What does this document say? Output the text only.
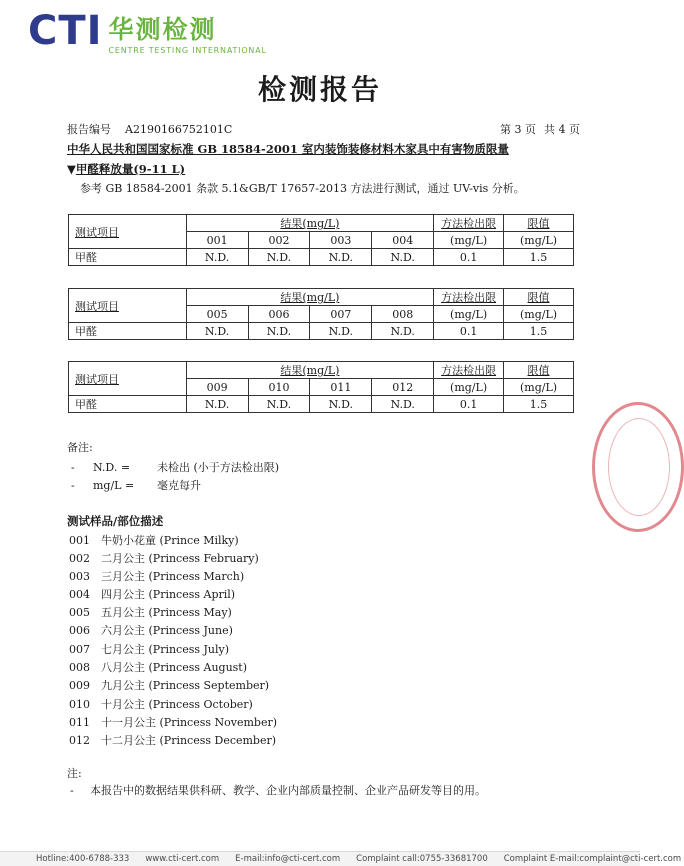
CTI 华测检测
CENTRE TESTING INTERNATIONAL
检测报告
报告编号 A2190166752101C	第 3 页 共 4 页
中华人民共和国国家标准 GB 18584-2001 室内装饰装修材料木家具中有害物质限量
▼甲醛释放量(9-11 L)
参考 GB 18584-2001 条款 5.1&GB/T 17657-2013 方法进行测试，通过 UV-vis 分析。
测试项目	结果(mg/L)				方法检出限	限值
	001	002	003	004	(mg/L)	(mg/L)
甲醛	N.D.	N.D.	N.D.	N.D.	0.1	1.5
测试项目	结果(mg/L)				方法检出限	限值
	005	006	007	008	(mg/L)	(mg/L)
甲醛	N.D.	N.D.	N.D.	N.D.	0.1	1.5
测试项目	结果(mg/L)				方法检出限	限值
	009	010	011	012	(mg/L)	(mg/L)
甲醛	N.D.	N.D.	N.D.	N.D.	0.1	1.5
备注:
- N.D. = 未检出 (小于方法检出限)
- mg/L = 毫克每升
测试样品/部位描述
001 牛奶小花童 (Prince Milky)
002 二月公主 (Princess February)
003 三月公主 (Princess March)
004 四月公主 (Princess April)
005 五月公主 (Princess May)
006 六月公主 (Princess June)
007 七月公主 (Princess July)
008 八月公主 (Princess August)
009 九月公主 (Princess September)
010 十月公主 (Princess October)
011 十一月公主 (Princess November)
012 十二月公主 (Princess December)
注:
- 本报告中的数据结果供科研、教学、企业内部质量控制、企业产品研发等目的用。
Hotline:400-6788-333 www.cti-cert.com E-mail:info@cti-cert.com Complaint call:0755-33681700 Complaint E-mail:complaint@cti-cert.com
